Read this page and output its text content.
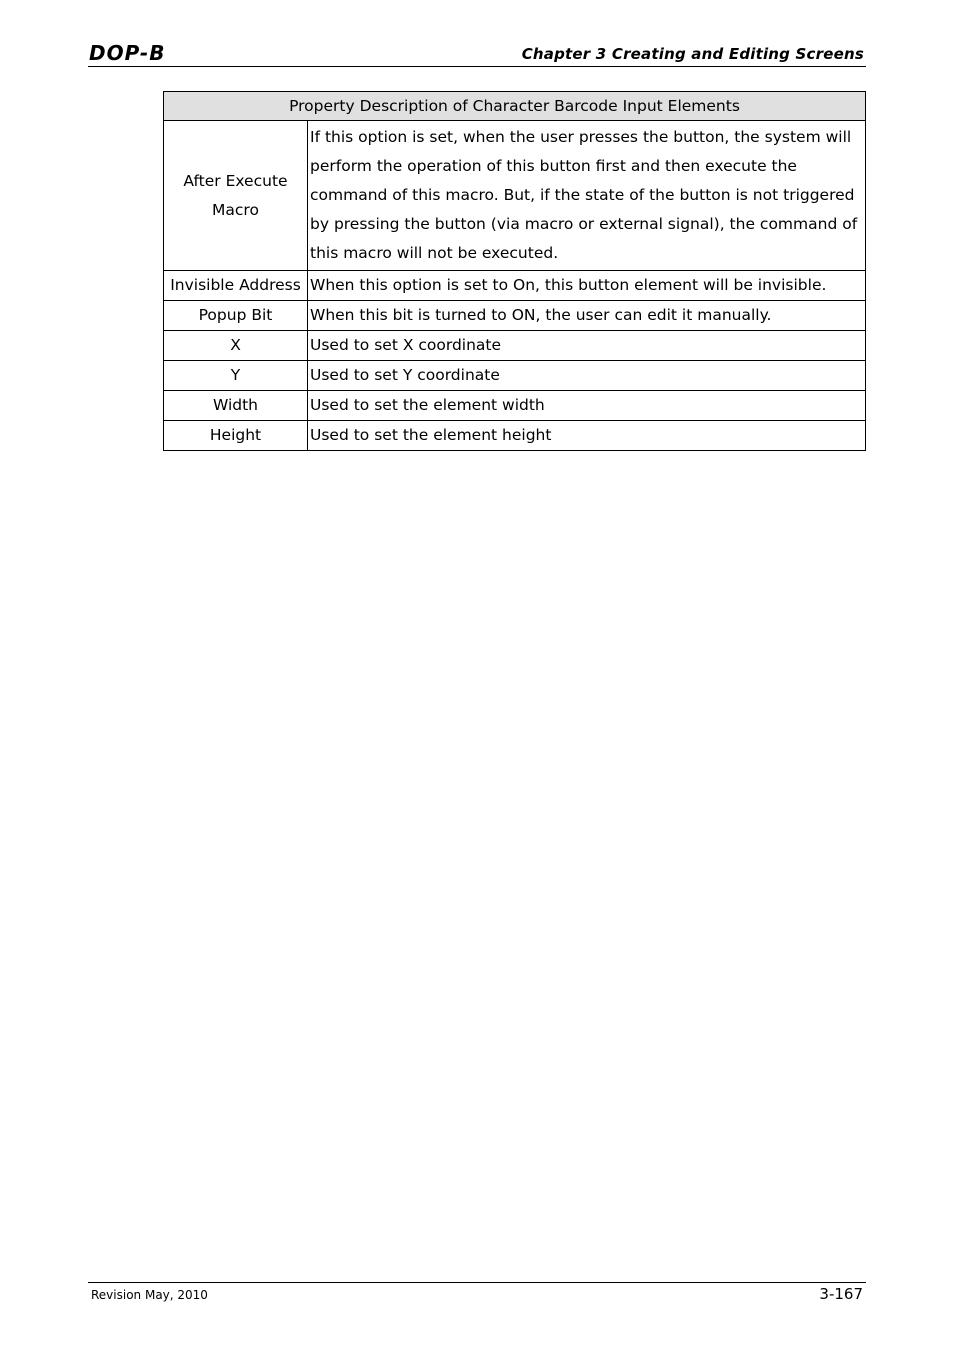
DOP-B	Chapter 3 Creating and Editing Screens
Property Description of Character Barcode Input Elements	
After Execute Macro	If this option is set, when the user presses the button, the system will perform the operation of this button first and then execute the command of this macro. But, if the state of the button is not triggered by pressing the button (via macro or external signal), the command of this macro will not be executed.
Invisible Address	When this option is set to On, this button element will be invisible.
Popup Bit	When this bit is turned to ON, the user can edit it manually.
X	Used to set X coordinate
Y	Used to set Y coordinate
Width	Used to set the element width
Height	Used to set the element height
Revision May, 2010	3-167
